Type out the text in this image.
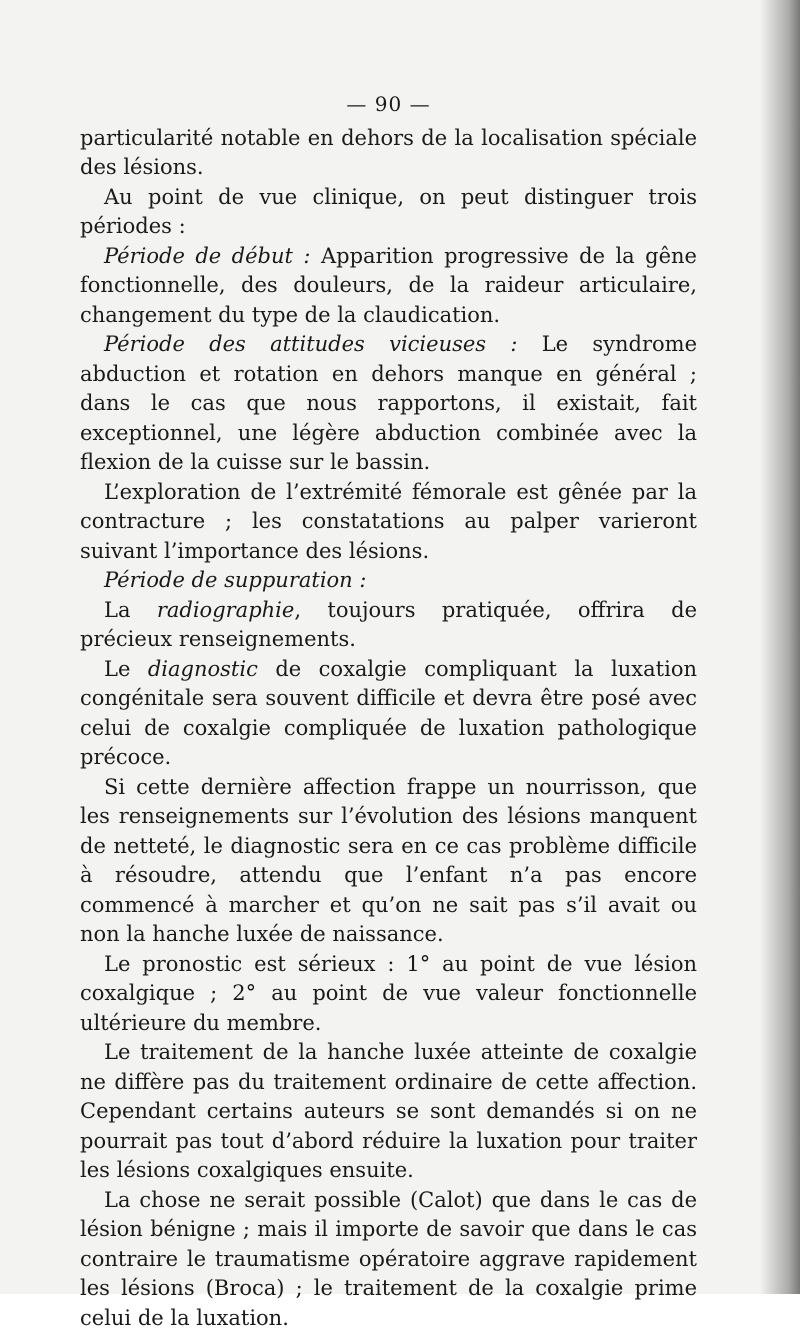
— 90 —

particularité notable en dehors de la localisation spéciale des lésions.

Au point de vue clinique, on peut distinguer trois périodes :

Période de début : Apparition progressive de la gêne fonctionnelle, des douleurs, de la raideur articulaire, changement du type de la claudication.

Période des attitudes vicieuses : Le syndrome abduction et rotation en dehors manque en général ; dans le cas que nous rapportons, il existait, fait exceptionnel, une légère abduction combinée avec la flexion de la cuisse sur le bassin.

L’exploration de l’extrémité fémorale est gênée par la contracture ; les constatations au palper varieront suivant l’importance des lésions.

Période de suppuration :

La radiographie, toujours pratiquée, offrira de précieux renseignements.

Le diagnostic de coxalgie compliquant la luxation congénitale sera souvent difficile et devra être posé avec celui de coxalgie compliquée de luxation pathologique précoce.

Si cette dernière affection frappe un nourrisson, que les renseignements sur l’évolution des lésions manquent de netteté, le diagnostic sera en ce cas problème difficile à résoudre, attendu que l’enfant n’a pas encore commencé à marcher et qu’on ne sait pas s’il avait ou non la hanche luxée de naissance.

Le pronostic est sérieux : 1° au point de vue lésion coxalgique ; 2° au point de vue valeur fonctionnelle ultérieure du membre.

Le traitement de la hanche luxée atteinte de coxalgie ne diffère pas du traitement ordinaire de cette affection. Cependant certains auteurs se sont demandés si on ne pourrait pas tout d’abord réduire la luxation pour traiter les lésions coxalgiques ensuite.

La chose ne serait possible (Calot) que dans le cas de lésion bénigne ; mais il importe de savoir que dans le cas contraire le traumatisme opératoire aggrave rapidement les lésions (Broca) ; le traitement de la coxalgie prime celui de la luxation.
